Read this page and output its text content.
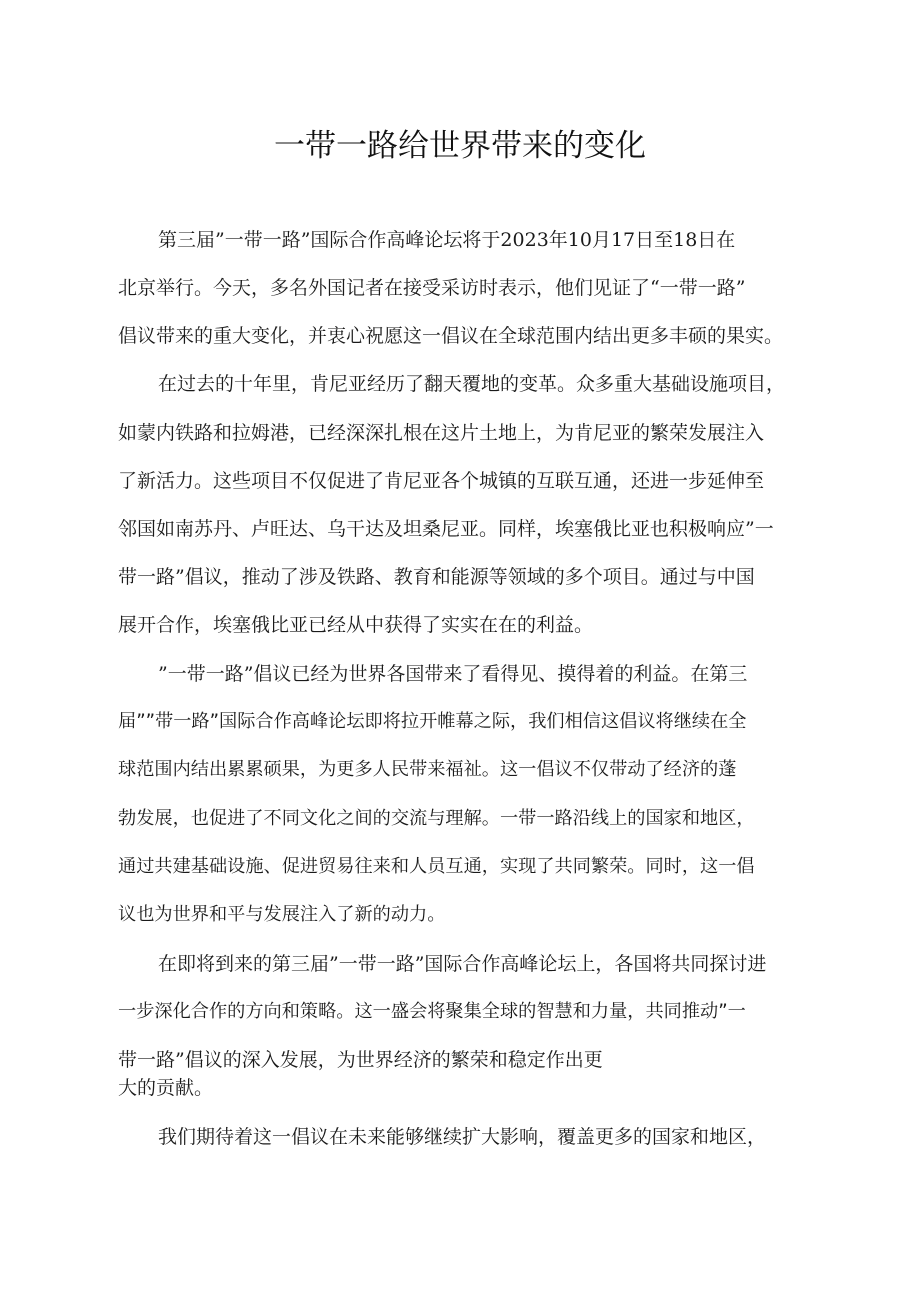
一带一路给世界带来的变化
第三届”一带一路”国际合作高峰论坛将于2023年10月17日至18日在
北京举行。今天，多名外国记者在接受采访时表示，他们见证了“一带一路”
倡议带来的重大变化，并衷心祝愿这一倡议在全球范围内结出更多丰硕的果实。
在过去的十年里，肯尼亚经历了翻天覆地的变革。众多重大基础设施项目，
如蒙内铁路和拉姆港，已经深深扎根在这片土地上，为肯尼亚的繁荣发展注入
了新活力。这些项目不仅促进了肯尼亚各个城镇的互联互通，还进一步延伸至
邻国如南苏丹、卢旺达、乌干达及坦桑尼亚。同样，埃塞俄比亚也积极响应”一
带一路”倡议，推动了涉及铁路、教育和能源等领域的多个项目。通过与中国
展开合作，埃塞俄比亚已经从中获得了实实在在的利益。
”一带一路”倡议已经为世界各国带来了看得见、摸得着的利益。在第三
届””带一路”国际合作高峰论坛即将拉开帷幕之际，我们相信这倡议将继续在全
球范围内结出累累硕果，为更多人民带来福祉。这一倡议不仅带动了经济的蓬
勃发展，也促进了不同文化之间的交流与理解。一带一路沿线上的国家和地区，
通过共建基础设施、促进贸易往来和人员互通，实现了共同繁荣。同时，这一倡
议也为世界和平与发展注入了新的动力。
在即将到来的第三届”一带一路”国际合作高峰论坛上，各国将共同探讨进
一步深化合作的方向和策略。这一盛会将聚集全球的智慧和力量，共同推动”一
带一路”倡议的深入发展，为世界经济的繁荣和稳定作出更
大的贡献。
我们期待着这一倡议在未来能够继续扩大影响，覆盖更多的国家和地区，
